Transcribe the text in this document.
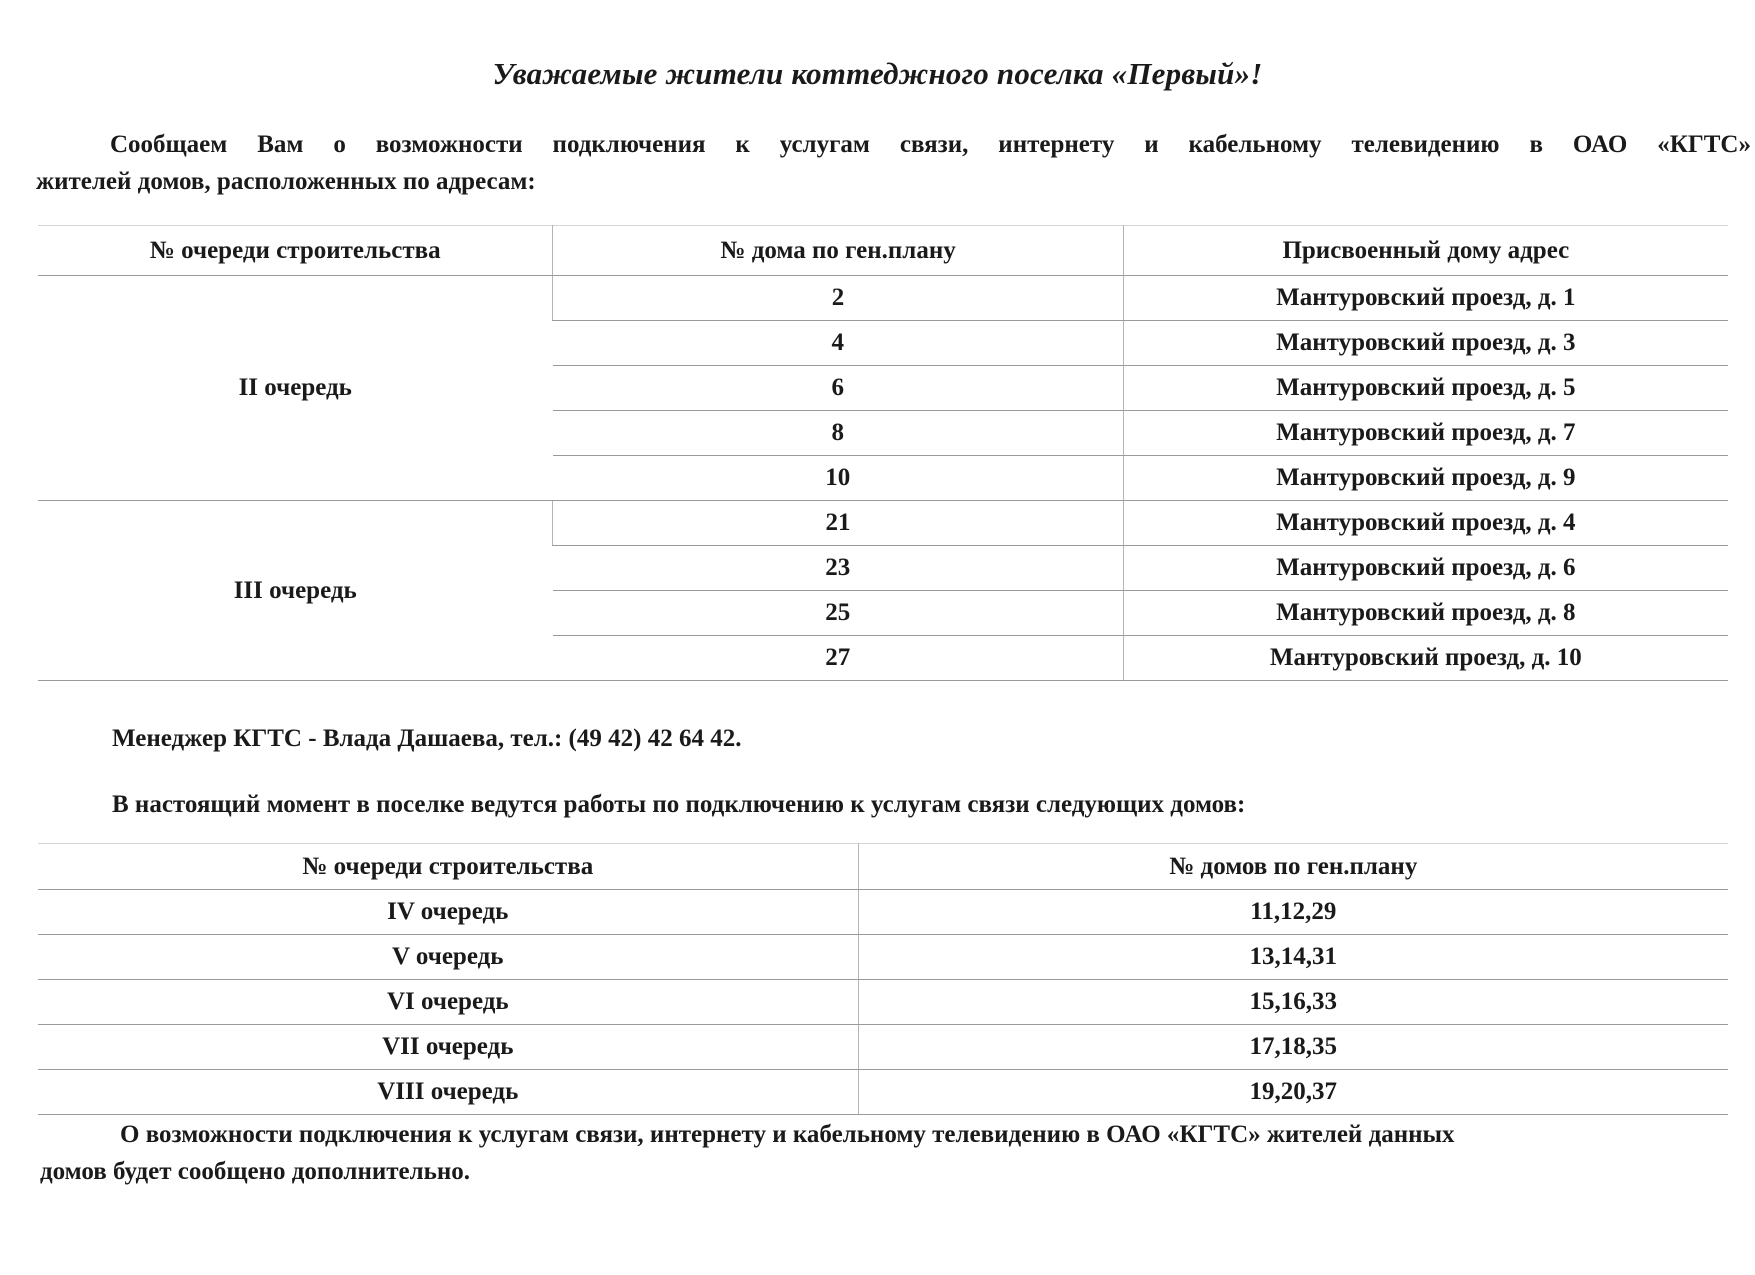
Уважаемые жители коттеджного поселка «Первый»!
Сообщаем Вам о возможности подключения к услугам связи, интернету и кабельному телевидению в ОАО «КГТС»
жителей домов, расположенных по адресам:
№ очереди строительства	№ дома по ген.плану	Присвоенный дому адрес
II очередь	2	Мантуровский проезд, д. 1
	4	Мантуровский проезд, д. 3
	6	Мантуровский проезд, д. 5
	8	Мантуровский проезд, д. 7
	10	Мантуровский проезд, д. 9
III очередь	21	Мантуровский проезд, д. 4
	23	Мантуровский проезд, д. 6
	25	Мантуровский проезд, д. 8
	27	Мантуровский проезд, д. 10
Менеджер КГТС - Влада Дашаева, тел.: (49 42) 42 64 42.
В настоящий момент в поселке ведутся работы по подключению к услугам связи следующих домов:
№ очереди строительства	№ домов по ген.плану
IV очередь	11,12,29
V очередь	13,14,31
VI очередь	15,16,33
VII очередь	17,18,35
VIII очередь	19,20,37
О возможности подключения к услугам связи, интернету и кабельному телевидению в ОАО «КГТС» жителей данных
домов будет сообщено дополнительно.
